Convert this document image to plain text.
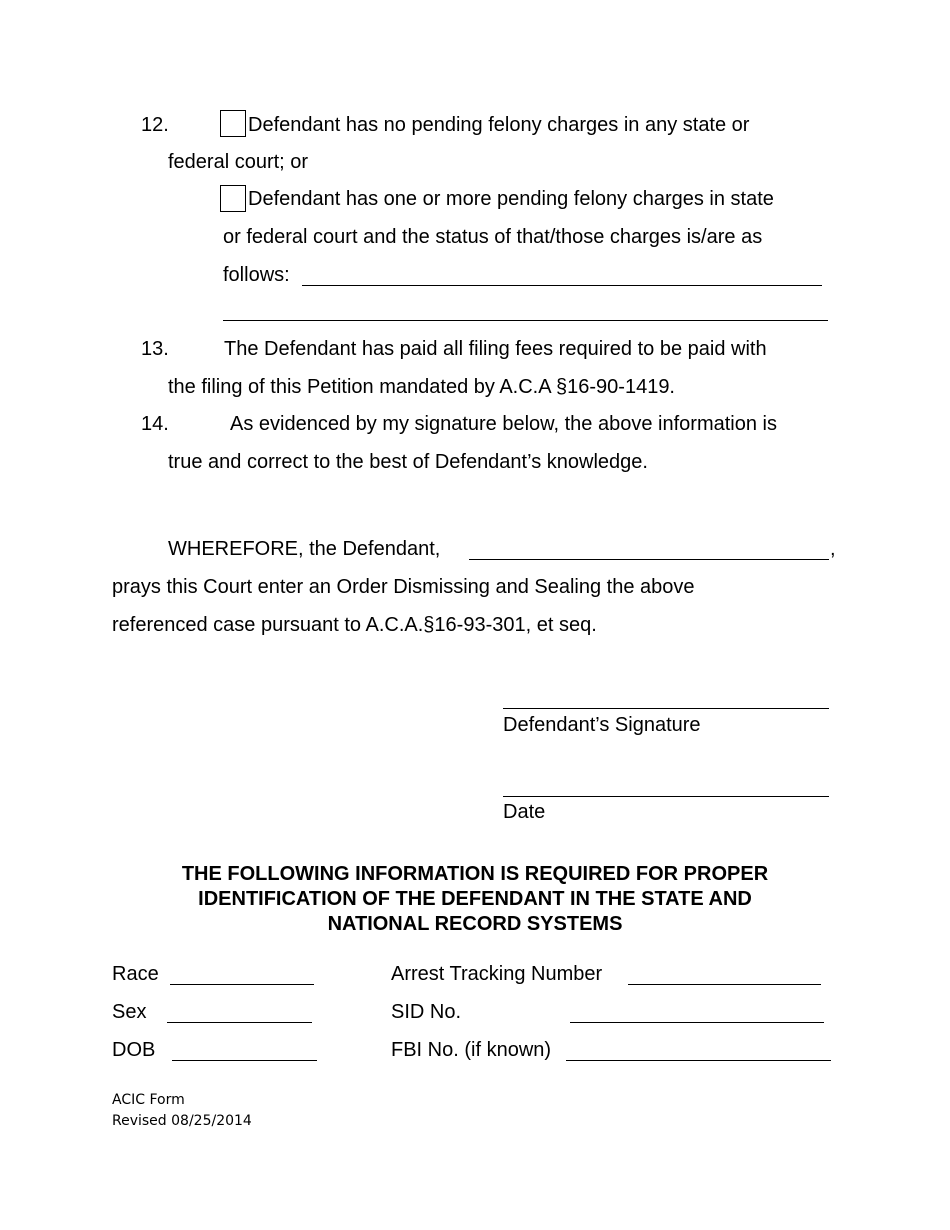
12.	Defendant has no pending felony charges in any state or
federal court; or
Defendant has one or more pending felony charges in state
or federal court and the status of that/those charges is/are as
follows:
13.	The Defendant has paid all filing fees required to be paid with
the filing of this Petition mandated by A.C.A §16-90-1419.
14.	As evidenced by my signature below, the above information is
true and correct to the best of Defendant’s knowledge.
WHEREFORE, the Defendant,	,
prays this Court enter an Order Dismissing and Sealing the above
referenced case pursuant to A.C.A.§16-93-301, et seq.
Defendant’s Signature
Date
THE FOLLOWING INFORMATION IS REQUIRED FOR PROPER
IDENTIFICATION OF THE DEFENDANT IN THE STATE AND
NATIONAL RECORD SYSTEMS
Race	Arrest Tracking Number
Sex	SID No.
DOB	FBI No. (if known)
ACIC Form
Revised 08/25/2014
